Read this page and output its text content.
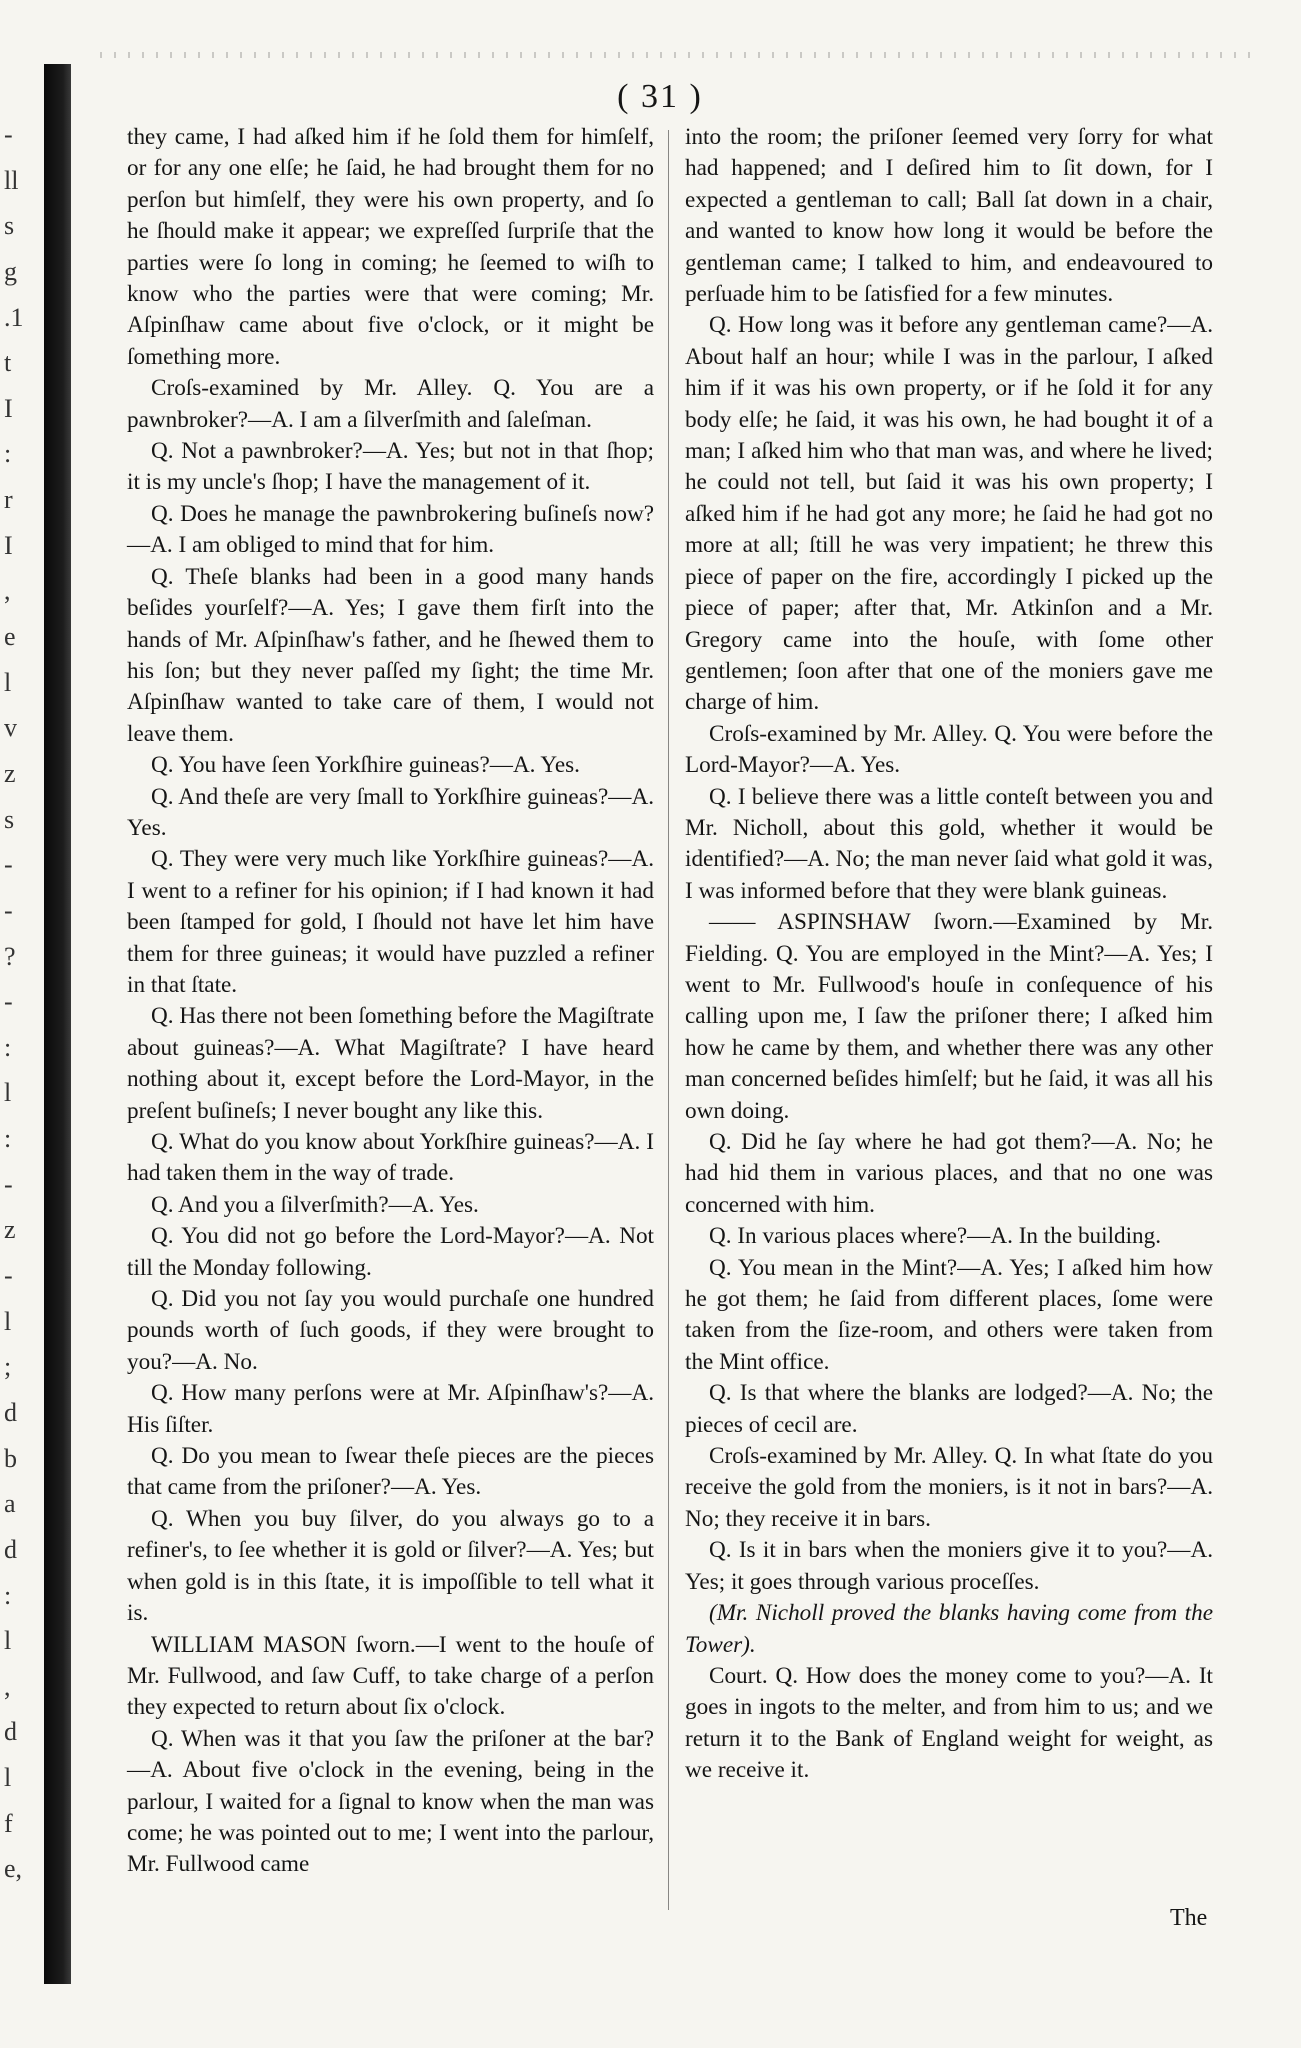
-
ll
s
g
.1
t
I
:
r
I
,
e
l
v
z
s
-
-
?
-
:
l
:
-
z
-
l
;
d
b
a
d
:
l
,
d
l
f
e,
( 31 )

they came, I had aſked him if he ſold them for himſelf, or for any one elſe; he ſaid, he had brought them for no perſon but himſelf, they were his own property, and ſo he ſhould make it appear; we expreſſed ſurpriſe that the parties were ſo long in coming; he ſeemed to wiſh to know who the parties were that were coming; Mr. Aſpinſhaw came about five o'clock, or it might be ſomething more.

Croſs-examined by Mr. Alley. Q. You are a pawnbroker?—A. I am a ſilverſmith and ſaleſman.

Q. Not a pawnbroker?—A. Yes; but not in that ſhop; it is my uncle's ſhop; I have the management of it.

Q. Does he manage the pawnbrokering buſineſs now?—A. I am obliged to mind that for him.

Q. Theſe blanks had been in a good many hands beſides yourſelf?—A. Yes; I gave them firſt into the hands of Mr. Aſpinſhaw's father, and he ſhewed them to his ſon; but they never paſſed my ſight; the time Mr. Aſpinſhaw wanted to take care of them, I would not leave them.

Q. You have ſeen Yorkſhire guineas?—A. Yes.

Q. And theſe are very ſmall to Yorkſhire guineas?—A. Yes.

Q. They were very much like Yorkſhire guineas?—A. I went to a refiner for his opinion; if I had known it had been ſtamped for gold, I ſhould not have let him have them for three guineas; it would have puzzled a refiner in that ſtate.

Q. Has there not been ſomething before the Magiſtrate about guineas?—A. What Magiſtrate? I have heard nothing about it, except before the Lord-Mayor, in the preſent buſineſs; I never bought any like this.

Q. What do you know about Yorkſhire guineas?—A. I had taken them in the way of trade.

Q. And you a ſilverſmith?—A. Yes.

Q. You did not go before the Lord-Mayor?—A. Not till the Monday following.

Q. Did you not ſay you would purchaſe one hundred pounds worth of ſuch goods, if they were brought to you?—A. No.

Q. How many perſons were at Mr. Aſpinſhaw's?—A. His ſiſter.

Q. Do you mean to ſwear theſe pieces are the pieces that came from the priſoner?—A. Yes.

Q. When you buy ſilver, do you always go to a refiner's, to ſee whether it is gold or ſilver?—A. Yes; but when gold is in this ſtate, it is impoſſible to tell what it is.

WILLIAM MASON ſworn.—I went to the houſe of Mr. Fullwood, and ſaw Cuff, to take charge of a perſon they expected to return about ſix o'clock.

Q. When was it that you ſaw the priſoner at the bar?—A. About five o'clock in the evening, being in the parlour, I waited for a ſignal to know when the man was come; he was pointed out to me; I went into the parlour, Mr. Fullwood came

into the room; the priſoner ſeemed very ſorry for what had happened; and I deſired him to ſit down, for I expected a gentleman to call; Ball ſat down in a chair, and wanted to know how long it would be before the gentleman came; I talked to him, and endeavoured to perſuade him to be ſatisfied for a few minutes.

Q. How long was it before any gentleman came?—A. About half an hour; while I was in the parlour, I aſked him if it was his own property, or if he ſold it for any body elſe; he ſaid, it was his own, he had bought it of a man; I aſked him who that man was, and where he lived; he could not tell, but ſaid it was his own property; I aſked him if he had got any more; he ſaid he had got no more at all; ſtill he was very impatient; he threw this piece of paper on the fire, accordingly I picked up the piece of paper; after that, Mr. Atkinſon and a Mr. Gregory came into the houſe, with ſome other gentlemen; ſoon after that one of the moniers gave me charge of him.

Croſs-examined by Mr. Alley. Q. You were before the Lord-Mayor?—A. Yes.

Q. I believe there was a little conteſt between you and Mr. Nicholl, about this gold, whether it would be identified?—A. No; the man never ſaid what gold it was, I was informed before that they were blank guineas.

—— ASPINSHAW ſworn.—Examined by Mr. Fielding. Q. You are employed in the Mint?—A. Yes; I went to Mr. Fullwood's houſe in conſequence of his calling upon me, I ſaw the priſoner there; I aſked him how he came by them, and whether there was any other man concerned beſides himſelf; but he ſaid, it was all his own doing.

Q. Did he ſay where he had got them?—A. No; he had hid them in various places, and that no one was concerned with him.

Q. In various places where?—A. In the building.

Q. You mean in the Mint?—A. Yes; I aſked him how he got them; he ſaid from different places, ſome were taken from the ſize-room, and others were taken from the Mint office.

Q. Is that where the blanks are lodged?—A. No; the pieces of cecil are.

Croſs-examined by Mr. Alley. Q. In what ſtate do you receive the gold from the moniers, is it not in bars?—A. No; they receive it in bars.

Q. Is it in bars when the moniers give it to you?—A. Yes; it goes through various proceſſes.

(Mr. Nicholl proved the blanks having come from the Tower).

Court. Q. How does the money come to you?—A. It goes in ingots to the melter, and from him to us; and we return it to the Bank of England weight for weight, as we receive it.

The
